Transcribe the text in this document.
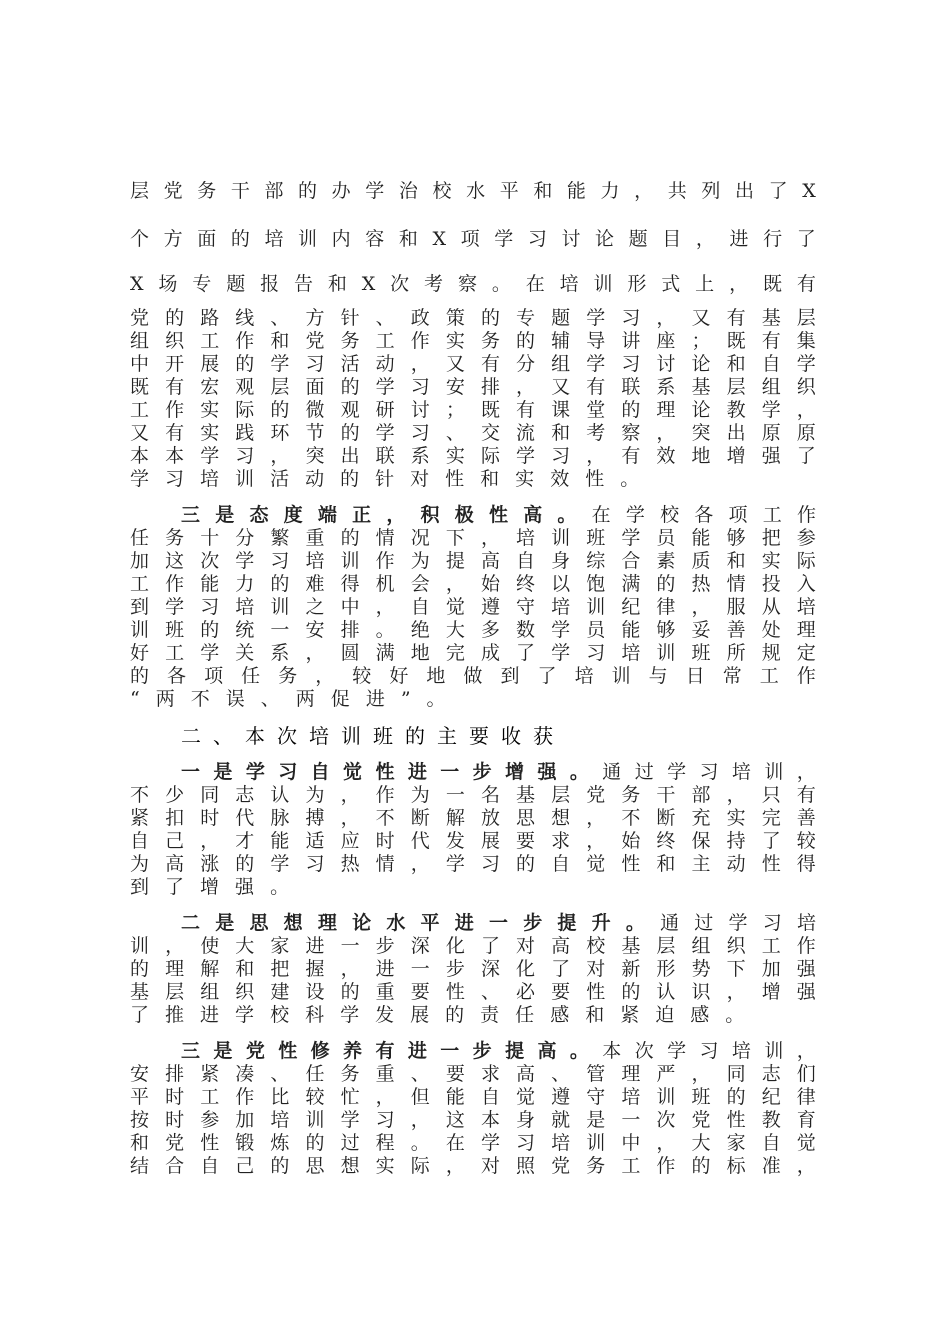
层 党 务 干 部 的 办 学 治 校 水 平 和 能 力 ， 共 列 出 了 X
个 方 面 的 培 训 内 容 和 X 项 学 习 讨 论 题 目 ， 进 行 了
X 场 专 题 报 告 和 X 次 考 察 。 在 培 训 形 式 上 ， 既 有
党 的 路 线 、 方 针 、 政 策 的 专 题 学 习 ， 又 有 基 层
组 织 工 作 和 党 务 工 作 实 务 的 辅 导 讲 座 ； 既 有 集
中 开 展 的 学 习 活 动 ， 又 有 分 组 学 习 讨 论 和 自 学
既 有 宏 观 层 面 的 学 习 安 排 ， 又 有 联 系 基 层 组 织
工 作 实 际 的 微 观 研 讨 ； 既 有 课 堂 的 理 论 教 学 ，
又 有 实 践 环 节 的 学 习 、 交 流 和 考 察 ， 突 出 原 原
本 本 学 习 ， 突 出 联 系 实 际 学 习 ， 有 效 地 增 强 了
学 习 培 训 活 动 的 针 对 性 和 实 效 性 。
三 是 态 度 端 正 ， 积 极 性 高 。 在 学 校 各 项 工 作
任 务 十 分 繁 重 的 情 况 下 ， 培 训 班 学 员 能 够 把 参
加 这 次 学 习 培 训 作 为 提 高 自 身 综 合 素 质 和 实 际
工 作 能 力 的 难 得 机 会 ， 始 终 以 饱 满 的 热 情 投 入
到 学 习 培 训 之 中 ， 自 觉 遵 守 培 训 纪 律 ， 服 从 培
训 班 的 统 一 安 排 。 绝 大 多 数 学 员 能 够 妥 善 处 理
好 工 学 关 系 ， 圆 满 地 完 成 了 学 习 培 训 班 所 规 定
的 各 项 任 务 ， 较 好 地 做 到 了 培 训 与 日 常 工 作
“ 两 不 误 、 两 促 进 ” 。
一 是 学 习 自 觉 性 进 一 步 增 强 。 通 过 学 习 培 训 ，
不 少 同 志 认 为 ， 作 为 一 名 基 层 党 务 干 部 ， 只 有
紧 扣 时 代 脉 搏 ， 不 断 解 放 思 想 ， 不 断 充 实 完 善
自 己 ， 才 能 适 应 时 代 发 展 要 求 ， 始 终 保 持 了 较
为 高 涨 的 学 习 热 情 ， 学 习 的 自 觉 性 和 主 动 性 得
到 了 增 强 。
二 是 思 想 理 论 水 平 进 一 步 提 升 。 通 过 学 习 培
训 ， 使 大 家 进 一 步 深 化 了 对 高 校 基 层 组 织 工 作
的 理 解 和 把 握 ， 进 一 步 深 化 了 对 新 形 势 下 加 强
基 层 组 织 建 设 的 重 要 性 、 必 要 性 的 认 识 ， 增 强
了 推 进 学 校 科 学 发 展 的 责 任 感 和 紧 迫 感 。
三 是 党 性 修 养 有 进 一 步 提 高 。 本 次 学 习 培 训 ，
安 排 紧 凑 、 任 务 重 、 要 求 高 、 管 理 严 ， 同 志 们
平 时 工 作 比 较 忙 ， 但 能 自 觉 遵 守 培 训 班 的 纪 律
按 时 参 加 培 训 学 习 ， 这 本 身 就 是 一 次 党 性 教 育
和 党 性 锻 炼 的 过 程 。 在 学 习 培 训 中 ， 大 家 自 觉
结 合 自 己 的 思 想 实 际 ， 对 照 党 务 工 作 的 标 准 ，
二、本次培训班的主要收获
